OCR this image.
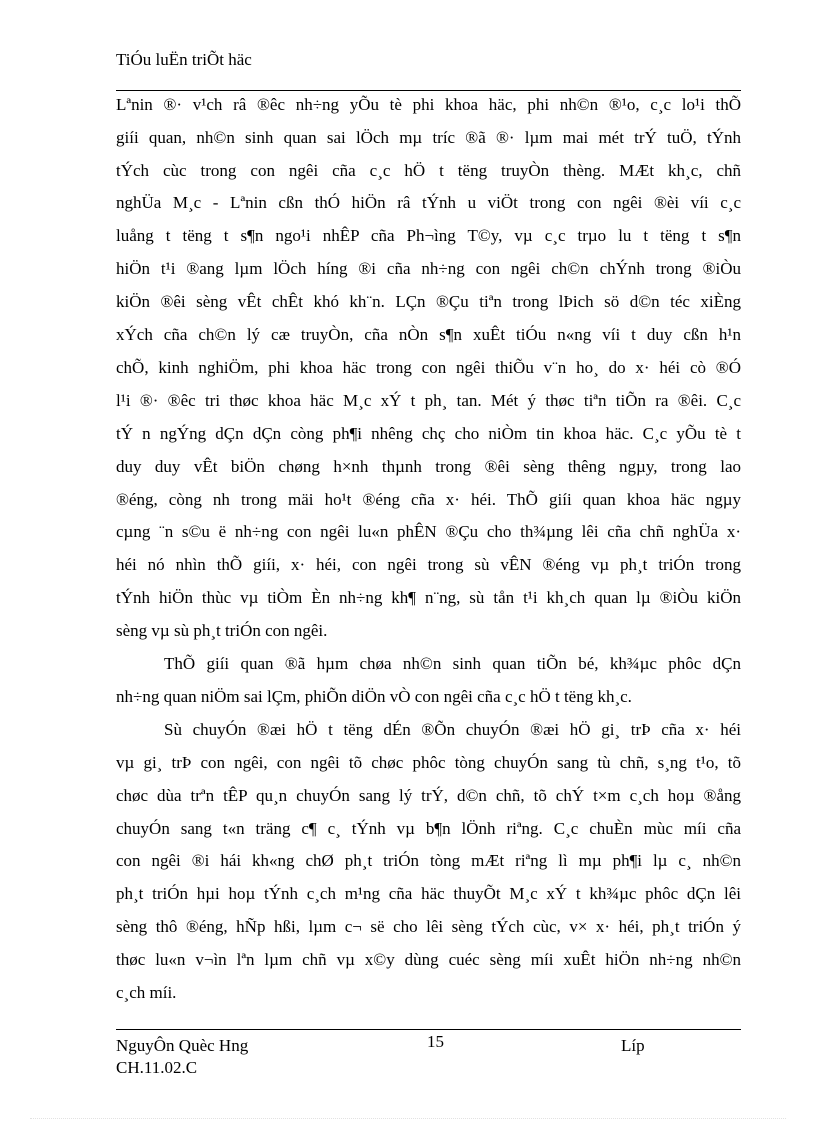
TiÓu luËn triÕt häc
Lªnin ®· v¹ch râ ®êc nh÷ng yÕu tè phi khoa häc, phi nh©n ®¹o, c¸c lo¹i thÕ
giíi quan, nh©n sinh quan sai lÖch mµ tríc ®ã ®· lµm mai mét trÝ tuÖ, tÝnh
tÝch cùc trong con ngêi cña c¸c hÖ t tëng truyÒn thèng. MÆt kh¸c, chñ
nghÜa M¸c - Lªnin cßn thÓ hiÖn râ tÝnh u viÖt trong con ngêi ®èi víi c¸c
luång t tëng t s¶n ngo¹i nhÊP cña Ph¬ìng T©y, vµ c¸c trµo lu t tëng t s¶n
hiÖn t¹i ®ang lµm lÖch híng ®i cña nh÷ng con ngêi ch©n chÝnh trong ®iÒu
kiÖn ®êi sèng vÊt chÊt khó kh¨n. LÇn ®Çu tiªn trong lÞich sö d©n téc xiÈng
xÝch cña ch©n lý cæ truyÒn, cña nÒn s¶n xuÊt tiÓu n«ng víi t duy cßn h¹n
chÕ, kinh nghiÖm, phi khoa häc trong con ngêi thiÕu v¨n ho¸ do x· héi cò ®Ó
l¹i ®· ®êc tri thøc khoa häc M¸c xÝ t ph¸ tan. Mét ý thøc tiªn tiÕn ra ®êi. C¸c
tÝ n ngÝng dÇn dÇn còng ph¶i nhêng chç cho niÒm tin khoa häc. C¸c yÕu tè t
duy duy vÊt biÖn chøng h×nh thµnh trong ®êi sèng thêng ngµy, trong lao
®éng, còng nh trong mäi ho¹t ®éng cña x· héi. ThÕ giíi quan khoa häc ngµy
cµng ¨n s©u ë nh÷ng con ngêi lu«n phÊN ®Çu cho th¾µng lêi cña chñ nghÜa x·
héi nó nhìn thÕ giíi, x· héi, con ngêi trong sù vÊN ®éng vµ ph¸t triÓn trong
tÝnh hiÖn thùc vµ tiÒm Èn nh÷ng kh¶ n¨ng, sù tån t¹i kh¸ch quan lµ ®iÒu kiÖn
sèng vµ sù ph¸t triÓn con ngêi.
ThÕ giíi quan ®ã hµm chøa nh©n sinh quan tiÕn bé, kh¾µc phôc dÇn
nh÷ng quan niÖm sai lÇm, phiÕn diÖn vÒ con ngêi cña c¸c hÖ t tëng kh¸c.
Sù chuyÓn ®æi hÖ t tëng dÉn ®Õn chuyÓn ®æi hÖ gi¸ trÞ cña x· héi
vµ gi¸ trÞ con ngêi, con ngêi tõ chøc phôc tòng chuyÓn sang tù chñ, s¸ng t¹o, tõ
chøc dùa trªn tÊP qu¸n chuyÓn sang lý trÝ, d©n chñ, tõ chÝ t×m c¸ch hoµ ®ång
chuyÓn sang t«n träng c¶ c¸ tÝnh vµ b¶n lÖnh riªng. C¸c chuÈn mùc míi cña
con ngêi ®i hái kh«ng chØ ph¸t triÓn tòng mÆt riªng lì mµ ph¶i lµ c¸ nh©n
ph¸t triÓn hµi hoµ tÝnh c¸ch m¹ng cña häc thuyÕt M¸c xÝ t kh¾µc phôc dÇn lêi
sèng thô ®éng, hÑp hßi, lµm c¬ së cho lêi sèng tÝch cùc, v× x· héi, ph¸t triÓn ý
thøc lu«n v¬ìn lªn lµm chñ vµ x©y dùng cuéc sèng míi xuÊt hiÖn nh÷ng nh©n
c¸ch míi.
NguyÔn Quèc Hng
CH.11.02.C
15	Líp
